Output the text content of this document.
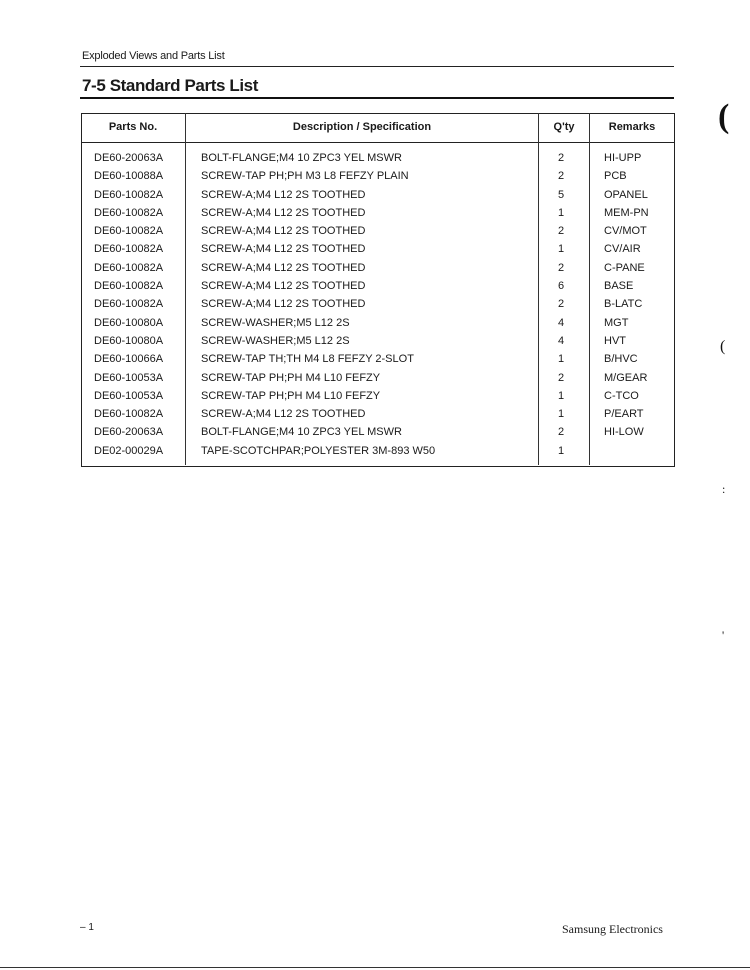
Exploded Views and Parts List
7-5 Standard Parts List
Parts No.	Description / Specification	Q'ty	Remarks
DE60-20063A	BOLT-FLANGE;M4 10 ZPC3 YEL MSWR	2	HI-UPP
DE60-10088A	SCREW-TAP PH;PH M3 L8 FEFZY PLAIN	2	PCB
DE60-10082A	SCREW-A;M4 L12 2S TOOTHED	5	OPANEL
DE60-10082A	SCREW-A;M4 L12 2S TOOTHED	1	MEM-PN
DE60-10082A	SCREW-A;M4 L12 2S TOOTHED	2	CV/MOT
DE60-10082A	SCREW-A;M4 L12 2S TOOTHED	1	CV/AIR
DE60-10082A	SCREW-A;M4 L12 2S TOOTHED	2	C-PANE
DE60-10082A	SCREW-A;M4 L12 2S TOOTHED	6	BASE
DE60-10082A	SCREW-A;M4 L12 2S TOOTHED	2	B-LATC
DE60-10080A	SCREW-WASHER;M5 L12 2S	4	MGT
DE60-10080A	SCREW-WASHER;M5 L12 2S	4	HVT
DE60-10066A	SCREW-TAP TH;TH M4 L8 FEFZY 2-SLOT	1	B/HVC
DE60-10053A	SCREW-TAP PH;PH M4 L10 FEFZY	2	M/GEAR
DE60-10053A	SCREW-TAP PH;PH M4 L10 FEFZY	1	C-TCO
DE60-10082A	SCREW-A;M4 L12 2S TOOTHED	1	P/EART
DE60-20063A	BOLT-FLANGE;M4 10 ZPC3 YEL MSWR	2	HI-LOW
DE02-00029A	TAPE-SCOTCHPAR;POLYESTER 3M-893 W50	1
(
(
:
'
– 1	Samsung Electronics
